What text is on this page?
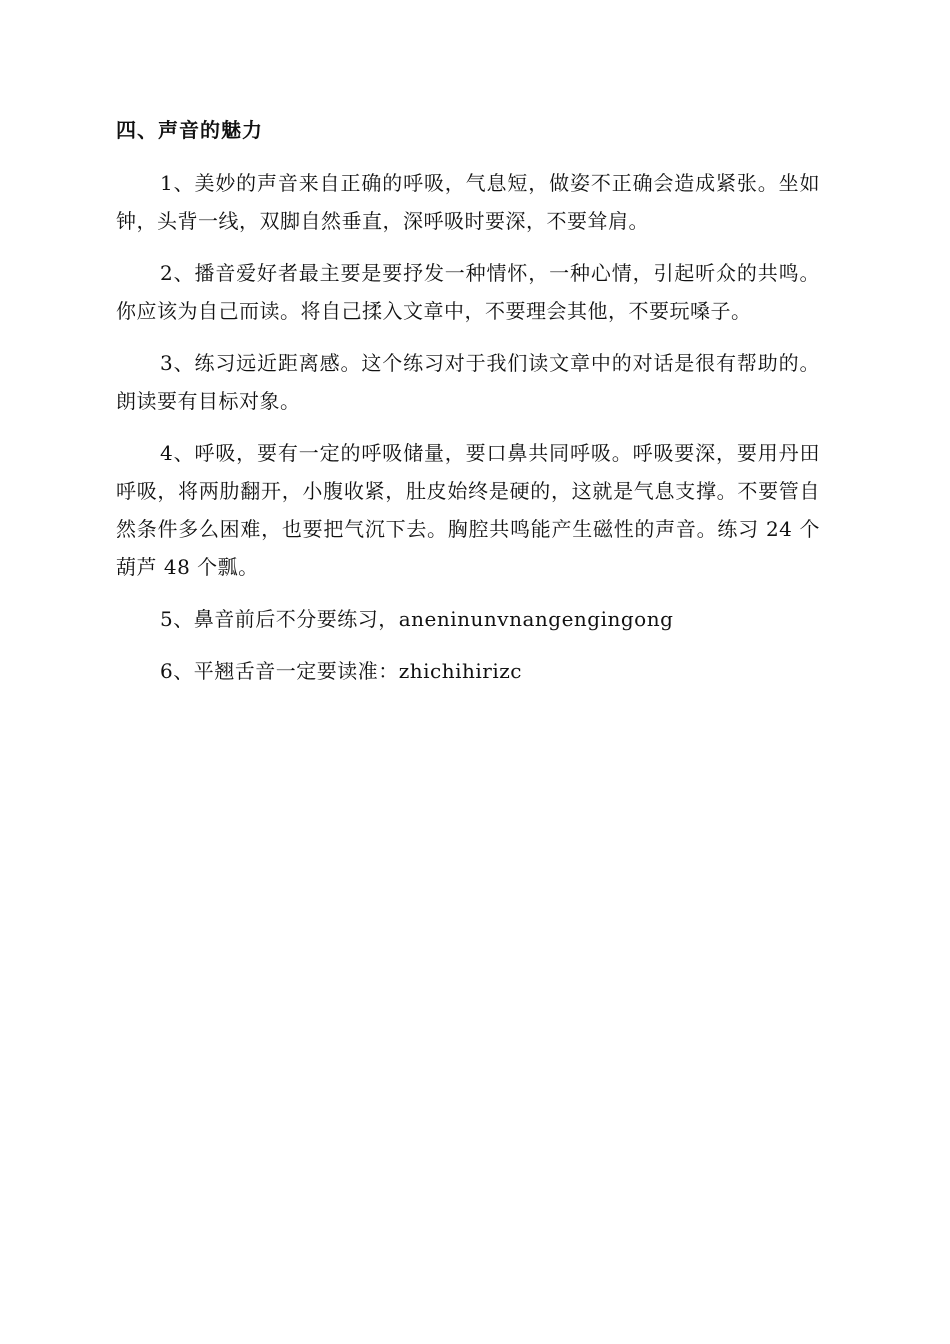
四、声音的魅力

1、美妙的声音来自正确的呼吸，气息短，做姿不正确会造成紧张。坐如钟，头背一线，双脚自然垂直，深呼吸时要深，不要耸肩。

2、播音爱好者最主要是要抒发一种情怀，一种心情，引起听众的共鸣。你应该为自己而读。将自己揉入文章中，不要理会其他，不要玩嗓子。

3、练习远近距离感。这个练习对于我们读文章中的对话是很有帮助的。朗读要有目标对象。

4、呼吸，要有一定的呼吸储量，要口鼻共同呼吸。呼吸要深，要用丹田呼吸，将两肋翻开，小腹收紧，肚皮始终是硬的，这就是气息支撑。不要管自然条件多么困难，也要把气沉下去。胸腔共鸣能产生磁性的声音。练习 24 个葫芦 48 个瓢。

5、鼻音前后不分要练习，aneninunvnangengingong

6、平翘舌音一定要读准：zhichihirizc
